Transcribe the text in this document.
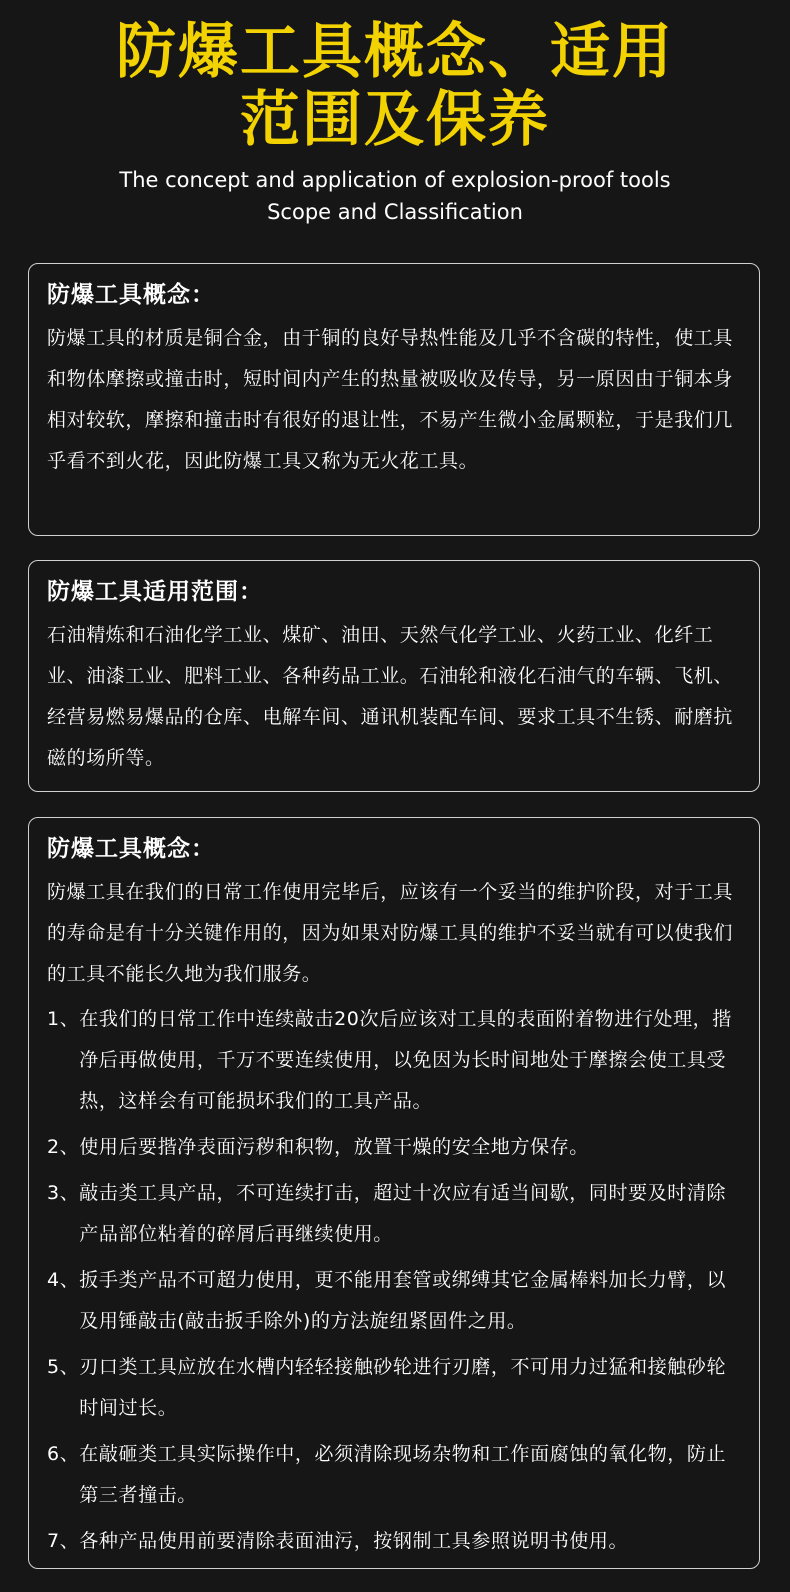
防爆工具概念、适用
范围及保养
The concept and application of explosion-proof tools
Scope and Classification
防爆工具概念：
防爆工具的材质是铜合金，由于铜的良好导热性能及几乎不含碳的特性，使工具和物体摩擦或撞击时，短时间内产生的热量被吸收及传导，另一原因由于铜本身相对较软，摩擦和撞击时有很好的退让性，不易产生微小金属颗粒，于是我们几乎看不到火花，因此防爆工具又称为无火花工具。
防爆工具适用范围：
石油精炼和石油化学工业、煤矿、油田、天然气化学工业、火药工业、化纤工业、油漆工业、肥料工业、各种药品工业。石油轮和液化石油气的车辆、飞机、经营易燃易爆品的仓库、电解车间、通讯机装配车间、要求工具不生锈、耐磨抗磁的场所等。
防爆工具概念：
防爆工具在我们的日常工作使用完毕后，应该有一个妥当的维护阶段，对于工具的寿命是有十分关键作用的，因为如果对防爆工具的维护不妥当就有可以使我们的工具不能长久地为我们服务。
1、 在我们的日常工作中连续敲击20次后应该对工具的表面附着物进行处理，揩净后再做使用，千万不要连续使用，以免因为长时间地处于摩擦会使工具受热，这样会有可能损坏我们的工具产品。
2、 使用后要揩净表面污秽和积物，放置干燥的安全地方保存。
3、 敲击类工具产品，不可连续打击，超过十次应有适当间歇，同时要及时清除产品部位粘着的碎屑后再继续使用。
4、 扳手类产品不可超力使用，更不能用套管或绑缚其它金属棒料加长力臂，以及用锤敲击(敲击扳手除外)的方法旋纽紧固件之用。
5、 刃口类工具应放在水槽内轻轻接触砂轮进行刃磨，不可用力过猛和接触砂轮时间过长。
6、 在敲砸类工具实际操作中，必须清除现场杂物和工作面腐蚀的氧化物，防止第三者撞击。
7、 各种产品使用前要清除表面油污，按钢制工具参照说明书使用。
